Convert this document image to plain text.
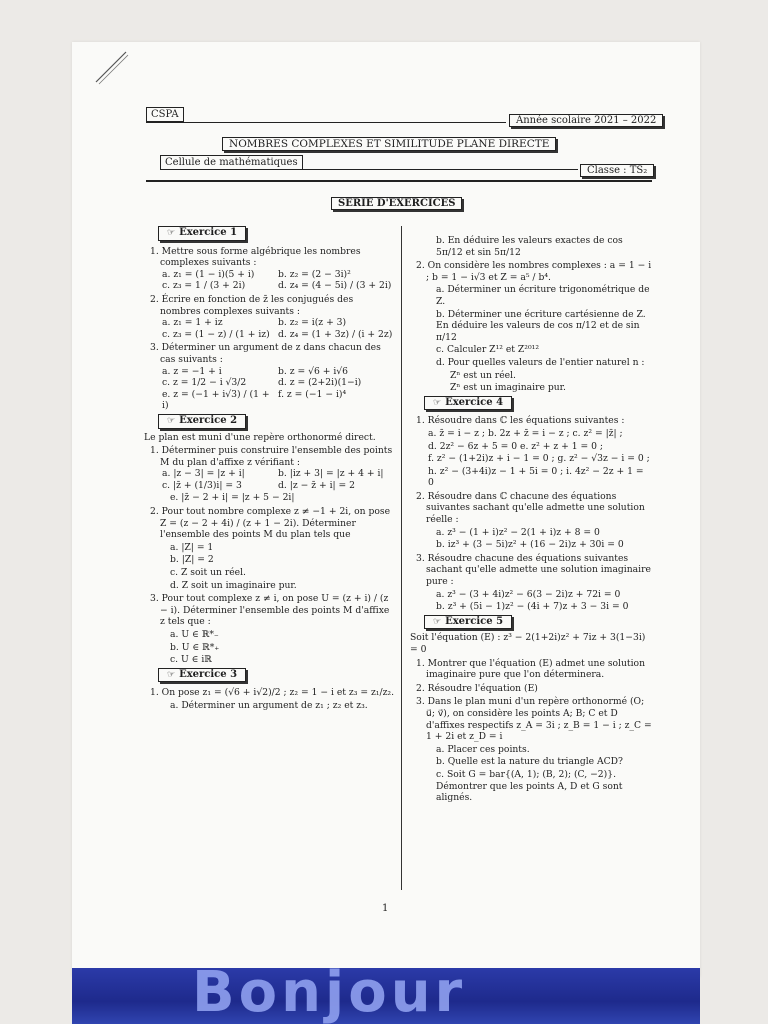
CSPA
Année scolaire 2021 – 2022
NOMBRES COMPLEXES ET SIMILITUDE PLANE DIRECTE
Cellule de mathématiques
Classe : TS₂
SERIE D'EXERCICES
☞ Exercice 1

1. Mettre sous forme algébrique les nombres complexes suivants :

a. z₁ = (1 − i)(5 + i)	b. z₂ = (2 − 3i)²
c. z₃ = 1 / (3 + 2i)	d. z₄ = (4 − 5i) / (3 + 2i)

2. Écrire en fonction de z̄ les conjugués des nombres complexes suivants :

a. z₁ = 1 + iz	b. z₂ = i(z + 3)
c. z₃ = (1 − z) / (1 + iz) d. z₄ = (1 + 3z) / (i + 2z)

3. Déterminer un argument de z dans chacun des cas suivants :

a. z = −1 + i	b. z = √6 + i√6
c. z = 1/2 − i √3/2	d. z = (2+2i)(1−i)
e. z = (−1 + i√3) / (1 + i)
f. z = (−1 − i)⁴
☞ Exercice 2

Le plan est muni d'une repère orthonormé direct.

1. Déterminer puis construire l'ensemble des points M du plan d'affixe z vérifiant :

a. |z − 3| = |z + i|	b. |iz + 3| = |z + 4 + i|
c. |z̄ + (1/3)i| = 3	d. |z − z̄ + i| = 2
e. |z̄ − 2 + i| = |z + 5 − 2i|

2. Pour tout nombre complexe z ≠ −1 + 2i, on pose Z = (z − 2 + 4i) / (z + 1 − 2i). Déterminer l'ensemble des points M du plan tels que

a. |Z| = 1
b. |Z| = 2
c. Z soit un réel.
d. Z soit un imaginaire pur.

3. Pour tout complexe z ≠ i, on pose U = (z + i) / (z − i). Déterminer l'ensemble des points M d'affixe z tels que :

a. U ∈ ℝ*₋
b. U ∈ ℝ*₊
c. U ∈ iℝ
☞ Exercice 3

1. On pose z₁ = (√6 + i√2)/2 ; z₂ = 1 − i et z₃ = z₁/z₂.

a. Déterminer un argument de z₁ ; z₂ et z₃.
b. En déduire les valeurs exactes de cos 5π/12 et sin 5π/12

2. On considère les nombres complexes : a = 1 − i ; b = 1 − i√3 et Z = a⁵ / b⁴.

a. Déterminer un écriture trigonométrique de Z.
b. Déterminer une écriture cartésienne de Z. En déduire les valeurs de cos π/12 et de sin π/12
c. Calculer Z¹² et Z²⁰¹²
d. Pour quelles valeurs de l'entier naturel n :
Zⁿ est un réel.
Zⁿ est un imaginaire pur.
☞ Exercice 4

1. Résoudre dans ℂ les équations suivantes :

a. z̄ = i − z ; b. 2z + z̄ = i − z ; c. z² = |z̄| ;
d. 2z² − 6z + 5 = 0 e. z² + z + 1 = 0 ;
f. z² − (1+2i)z + i − 1 = 0 ; g. z² − √3z − i = 0 ;
h. z² − (3+4i)z − 1 + 5i = 0 ; i. 4z² − 2z + 1 = 0

2. Résoudre dans ℂ chacune des équations suivantes sachant qu'elle admette une solution réelle :

a. z³ − (1 + i)z² − 2(1 + i)z + 8 = 0
b. iz³ + (3 − 5i)z² + (16 − 2i)z + 30i = 0

3. Résoudre chacune des équations suivantes sachant qu'elle admette une solution imaginaire pure :

a. z³ − (3 + 4i)z² − 6(3 − 2i)z + 72i = 0
b. z³ + (5i − 1)z² − (4i + 7)z + 3 − 3i = 0
☞ Exercice 5

Soit l'équation (E) : z³ − 2(1+2i)z² + 7iz + 3(1−3i) = 0

1. Montrer que l'équation (E) admet une solution imaginaire pure que l'on déterminera.

2. Résoudre l'équation (E)

3. Dans le plan muni d'un repère orthonormé (O; u⃗; v⃗), on considère les points A; B; C et D d'affixes respectifs z_A = 3i ; z_B = 1 − i ; z_C = 1 + 2i et z_D = i

a. Placer ces points.
b. Quelle est la nature du triangle ACD?
c. Soit G = bar{(A, 1); (B, 2); (C, −2)}. Démontrer que les points A, D et G sont alignés.
1
Bonjour
